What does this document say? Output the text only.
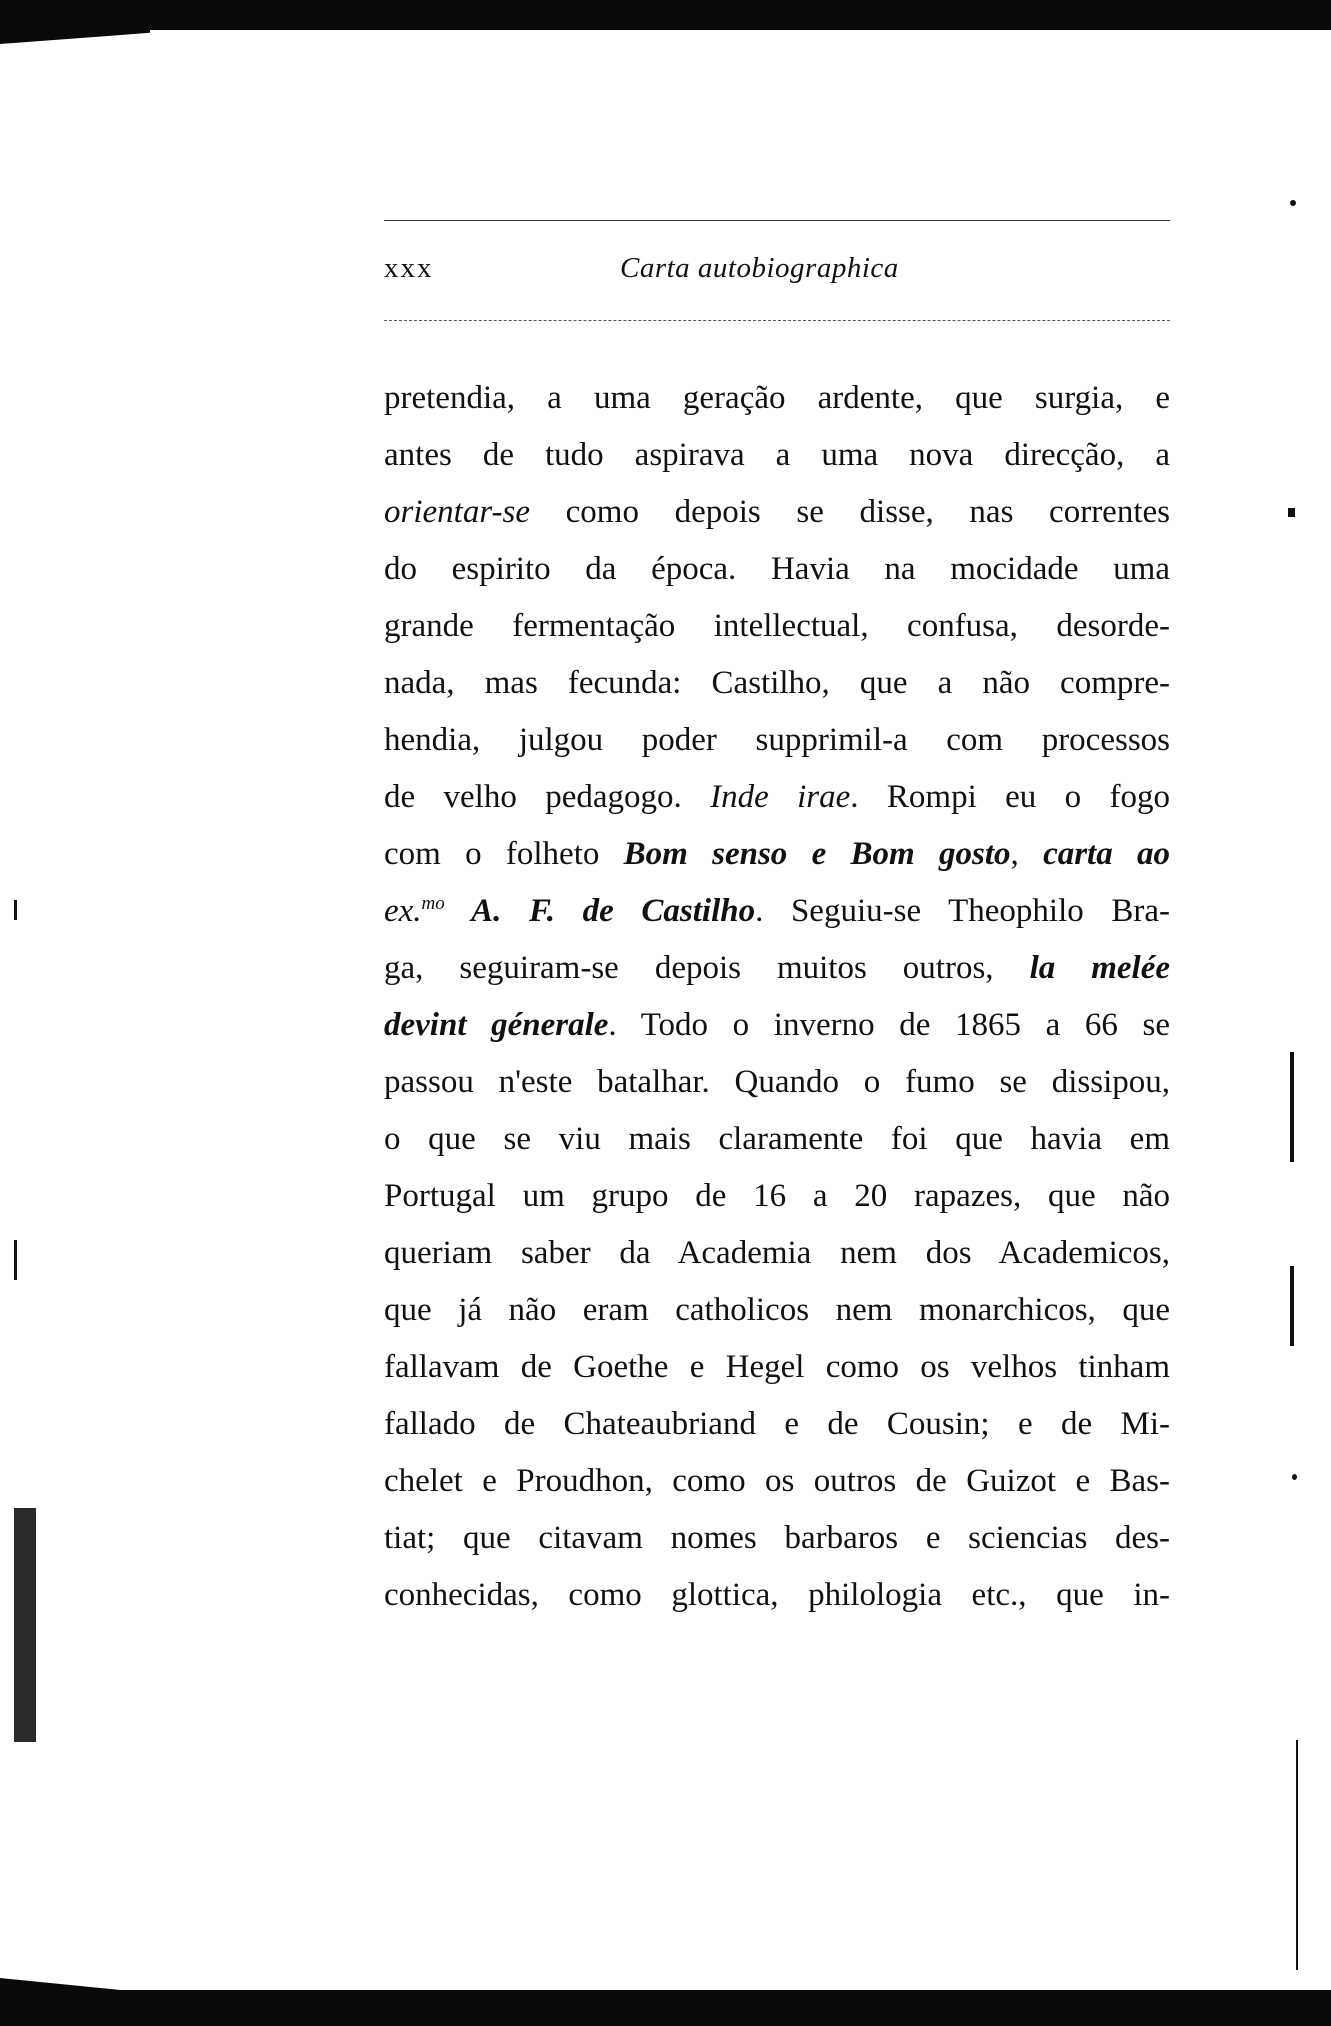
xxx	Carta autobiographica
pretendia, a uma geração ardente, que surgia, e
antes de tudo aspirava a uma nova direcção, a
orientar-se como depois se disse, nas correntes
do espirito da época. Havia na mocidade uma
grande fermentação intellectual, confusa, desorde-
nada, mas fecunda: Castilho, que a não compre-
hendia, julgou poder supprimil-a com processos
de velho pedagogo. Inde irae. Rompi eu o fogo
com o folheto Bom senso e Bom gosto, carta ao
ex.$^{mo}$ A. F. de Castilho. Seguiu-se Theophilo Bra-
ga, seguiram-se depois muitos outros, la melée
devint génerale. Todo o inverno de 1865 a 66 se
passou n'este batalhar. Quando o fumo se dissipou,
o que se viu mais claramente foi que havia em
Portugal um grupo de 16 a 20 rapazes, que não
queriam saber da Academia nem dos Academicos,
que já não eram catholicos nem monarchicos, que
fallavam de Goethe e Hegel como os velhos tinham
fallado de Chateaubriand e de Cousin; e de Mi-
chelet e Proudhon, como os outros de Guizot e Bas-
tiat; que citavam nomes barbaros e sciencias des-
conhecidas, como glottica, philologia etc., que in-
